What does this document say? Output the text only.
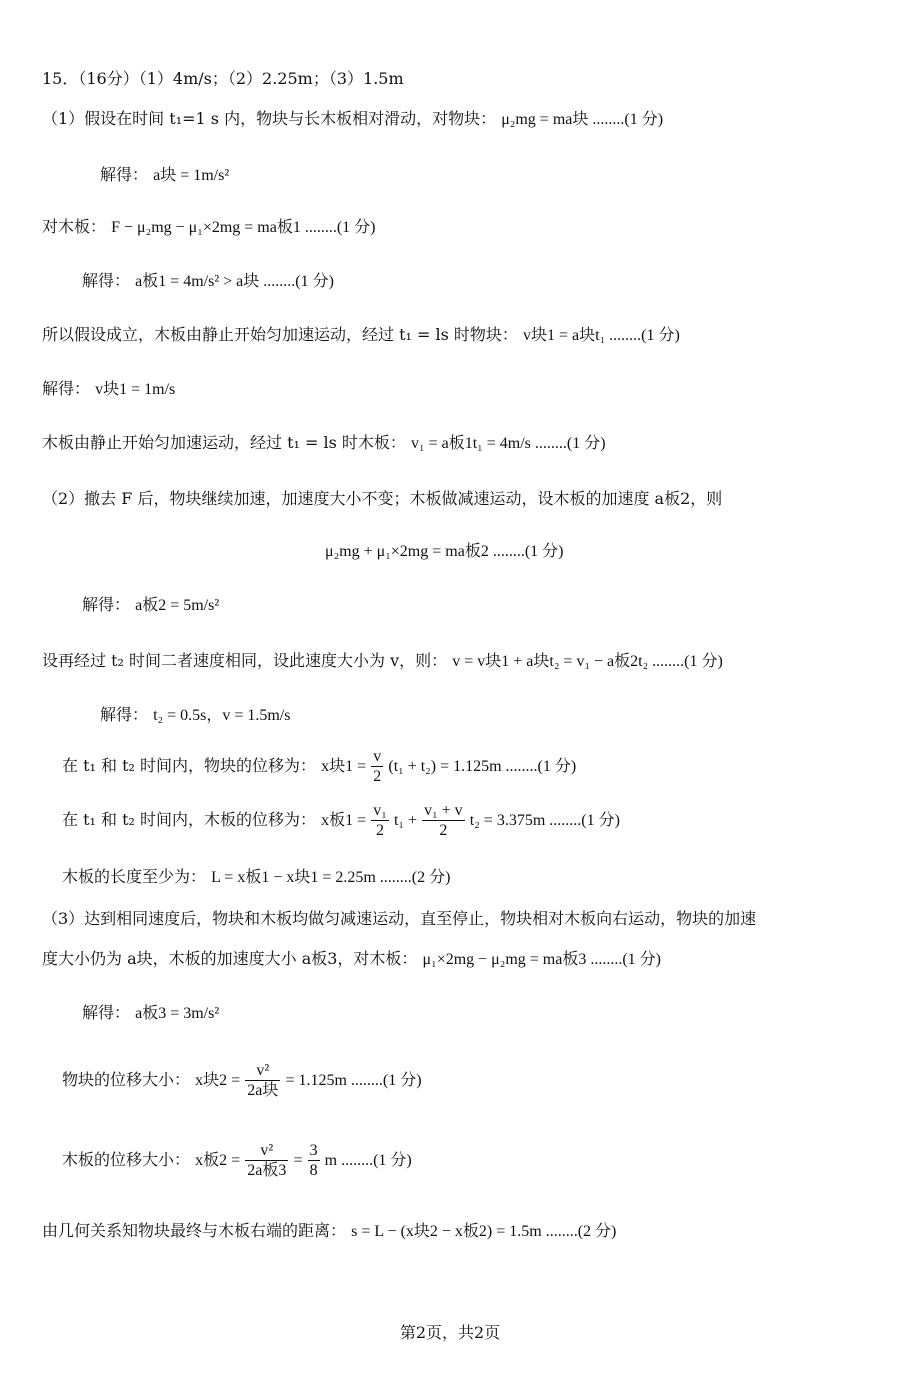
15．（16分）（1）4m/s；（2）2.25m；（3）1.5m
（1）假设在时间 t₁=1 s 内，物块与长木板相对滑动，对物块： μ₂mg = ma块 ........(1 分)
解得： a块 = 1m/s²
对木板： F − μ₂mg − μ₁×2mg = ma板1 ........(1 分)
解得： a板1 = 4m/s² > a块 ........(1 分)
所以假设成立，木板由静止开始匀加速运动，经过 t₁ = ls 时物块： v块1 = a块t₁ ........(1 分)
解得： v块1 = 1m/s
木板由静止开始匀加速运动，经过 t₁ = ls 时木板： v₁ = a板1t₁ = 4m/s ........(1 分)
（2）撤去 F 后，物块继续加速，加速度大小不变；木板做减速运动，设木板的加速度 a板2，则
μ₂mg + μ₁×2mg = ma板2 ........(1 分)
解得： a板2 = 5m/s²
设再经过 t₂ 时间二者速度相同，设此速度大小为 v，则： v = v块1 + a块t₂ = v₁ − a板2t₂ ........(1 分)
解得： t₂ = 0.5s，v = 1.5m/s
在 t₁ 和 t₂ 时间内，物块的位移为： x块$1 = \frac{v}{2} (t_1 + t_2) = 1.125m$ ........(1 分)
在 t₁ 和 t₂ 时间内，木板的位移为： x板$1 = \frac{\text{v₁}}{2} t_1 + \frac{\text{v₁ + v}}{2} t_2 = 3.375m$ ........(1 分)
木板的长度至少为： L = x板1 − x块1 = 2.25m ........(2 分)
（3）达到相同速度后，物块和木板均做匀减速运动，直至停止，物块相对木板向右运动，物块的加速
度大小仍为 a块，木板的加速度大小 a板3，对木板： μ₁×2mg − μ₂mg = ma板3 ........(1 分)
解得： a板3 = 3m/s²
物块的位移大小： x块$2 = \frac{\text{v²}}{\text{2a块}} = 1.125m$ ........(1 分)
木板的位移大小： x板$2 = \frac{\text{v²}}{\text{2a板3}} = \frac{3}{8}$ m ........(1 分)
由几何关系知物块最终与木板右端的距离： s = L − (x块2 − x板2) = 1.5m ........(2 分)
第2页，共2页
